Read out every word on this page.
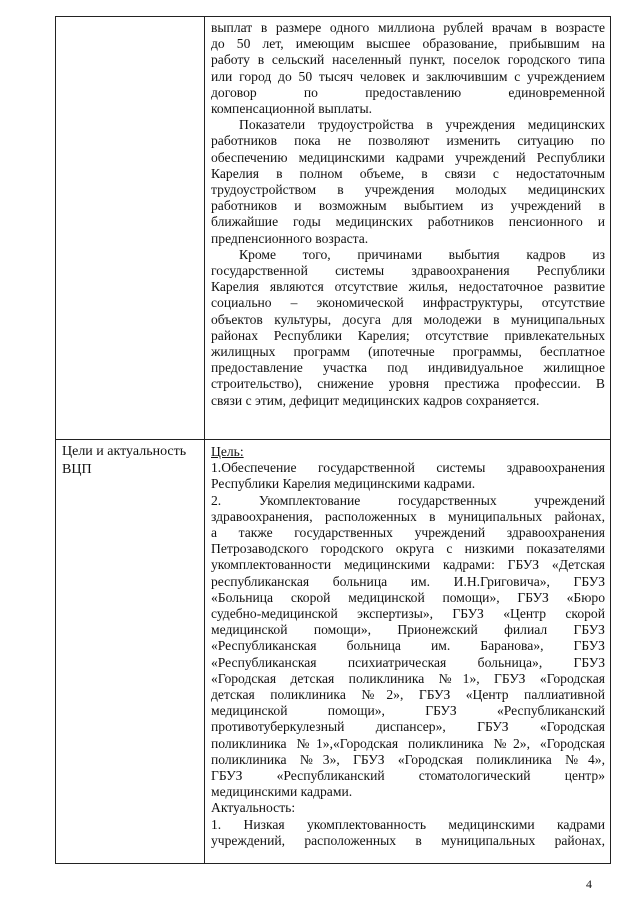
выплат в размере одного миллиона рублей врачам в возрасте
до 50 лет, имеющим высшее образование, прибывшим на
работу в сельский населенный пункт, поселок городского типа
или город до 50 тысяч человек и заключившим с учреждением
договор по предоставлению единовременной
компенсационной выплаты.
Показатели трудоустройства в учреждения медицинских
работников пока не позволяют изменить ситуацию по
обеспечению медицинскими кадрами учреждений Республики
Карелия в полном объеме, в связи с недостаточным
трудоустройством в учреждения молодых медицинских
работников и возможным выбытием из учреждений в
ближайшие годы медицинских работников пенсионного и
предпенсионного возраста.
Кроме того, причинами выбытия кадров из
государственной системы здравоохранения Республики
Карелия являются отсутствие жилья, недостаточное развитие
социально – экономической инфраструктуры, отсутствие
объектов культуры, досуга для молодежи в муниципальных
районах Республики Карелия; отсутствие привлекательных
жилищных программ (ипотечные программы, бесплатное
предоставление участка под индивидуальное жилищное
строительство), снижение уровня престижа профессии. В
связи с этим, дефицит медицинских кадров сохраняется.
Цели и актуальность
ВЦП
Цель:
1.Обеспечение государственной системы здравоохранения
Республики Карелия медицинскими кадрами.
2. Укомплектование государственных учреждений
здравоохранения, расположенных в муниципальных районах,
а также государственных учреждений здравоохранения
Петрозаводского городского округа с низкими показателями
укомплектованности медицинскими кадрами: ГБУЗ «Детская
республиканская больница им. И.Н.Григовича», ГБУЗ
«Больница скорой медицинской помощи», ГБУЗ «Бюро
судебно-медицинской экспертизы», ГБУЗ «Центр скорой
медицинской помощи», Прионежский филиал ГБУЗ
«Республиканская больница им. Баранова», ГБУЗ
«Республиканская психиатрическая больница», ГБУЗ
«Городская детская поликлиника №1», ГБУЗ «Городская
детская поликлиника №2», ГБУЗ «Центр паллиативной
медицинской помощи», ГБУЗ «Республиканский
противотуберкулезный диспансер», ГБУЗ «Городская
поликлиника №1»,«Городская поликлиника №2», «Городская
поликлиника №3», ГБУЗ «Городская поликлиника №4»,
ГБУЗ «Республиканский стоматологический центр»
медицинскими кадрами.
Актуальность:
1. Низкая укомплектованность медицинскими кадрами
учреждений, расположенных в муниципальных районах,
4
